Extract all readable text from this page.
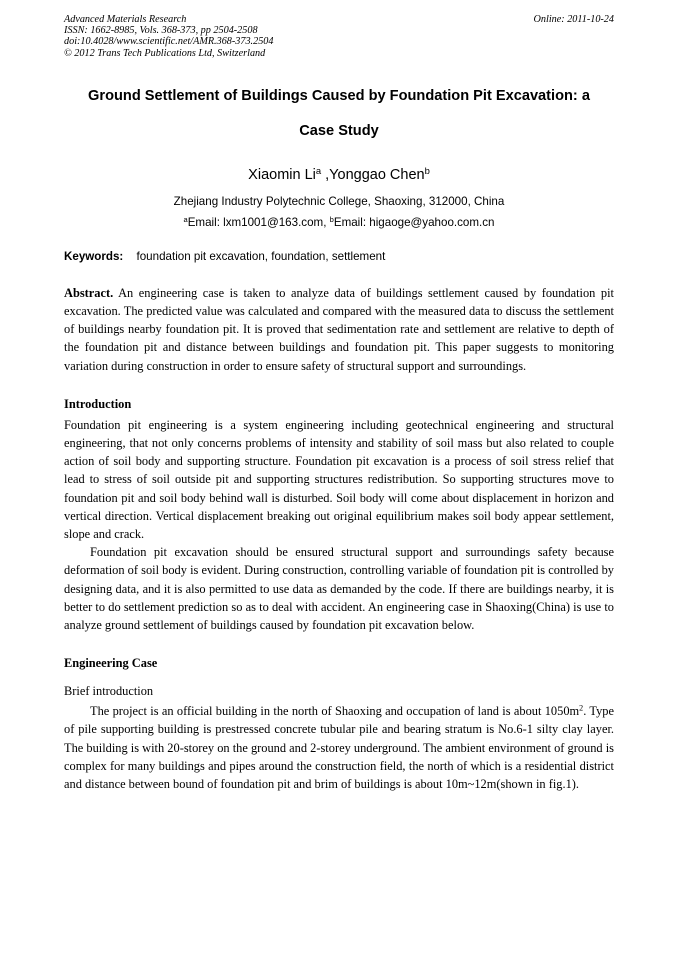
Advanced Materials Research	Online: 2011-10-24
ISSN: 1662-8985, Vols. 368-373, pp 2504-2508
doi:10.4028/www.scientific.net/AMR.368-373.2504
© 2012 Trans Tech Publications Ltd, Switzerland
Ground Settlement of Buildings Caused by Foundation Pit Excavation: a
Case Study
Xiaomin Li$^a$ ,Yonggao Chen$^b$
Zhejiang Industry Polytechnic College, Shaoxing, 312000, China
$^a$Email: lxm1001@163.com, $^b$Email: higaoge@yahoo.com.cn
Keywords: foundation pit excavation, foundation, settlement

Abstract. An engineering case is taken to analyze data of buildings settlement caused by foundation pit excavation. The predicted value was calculated and compared with the measured data to discuss the settlement of buildings nearby foundation pit. It is proved that sedimentation rate and settlement are relative to depth of the foundation pit and distance between buildings and foundation pit. This paper suggests to monitoring variation during construction in order to ensure safety of structural support and surroundings.

Introduction

Foundation pit engineering is a system engineering including geotechnical engineering and structural engineering, that not only concerns problems of intensity and stability of soil mass but also related to couple action of soil body and supporting structure. Foundation pit excavation is a process of soil stress relief that lead to stress of soil outside pit and supporting structures redistribution. So supporting structures move to foundation pit and soil body behind wall is disturbed. Soil body will come about displacement in horizon and vertical direction. Vertical displacement breaking out original equilibrium makes soil body appear settlement, slope and crack.

Foundation pit excavation should be ensured structural support and surroundings safety because deformation of soil body is evident. During construction, controlling variable of foundation pit is controlled by designing data, and it is also permitted to use data as demanded by the code. If there are buildings nearby, it is better to do settlement prediction so as to deal with accident. An engineering case in Shaoxing(China) is use to analyze ground settlement of buildings caused by foundation pit excavation below.

Engineering Case
Brief introduction

The project is an official building in the north of Shaoxing and occupation of land is about $1050m^2$. Type of pile supporting building is prestressed concrete tubular pile and bearing stratum is No.6-1 silty clay layer. The building is with 20-storey on the ground and 2-storey underground. The ambient environment of ground is complex for many buildings and pipes around the construction field, the north of which is a residential district and distance between bound of foundation pit and brim of buildings is about 10m~12m(shown in fig.1).
